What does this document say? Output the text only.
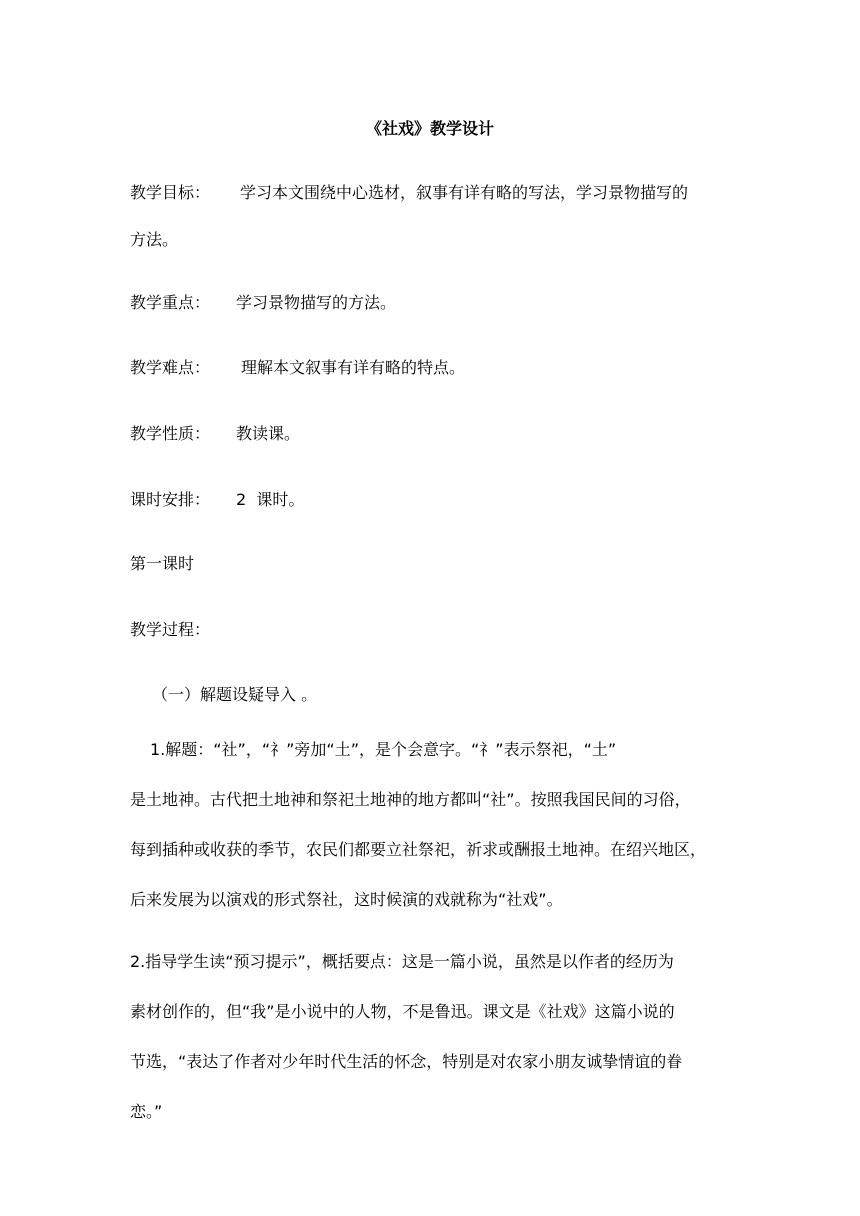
《社戏》教学设计
教学目标： 学习本文围绕中心选材，叙事有详有略的写法，学习景物描写的
方法。
教学重点： 学习景物描写的方法。
教学难点： 理解本文叙事有详有略的特点。
教学性质： 教读课。
课时安排： 2  课时。
第一课时
教学过程：
（一）解题设疑导入 。

1.解题：“社”，“礻”旁加“土”，是个会意字。“礻”表示祭祀，“土”

是土地神。古代把土地神和祭祀土地神的地方都叫“社”。按照我国民间的习俗，

每到插种或收获的季节，农民们都要立社祭祀，祈求或酬报土地神。在绍兴地区，

后来发展为以演戏的形式祭社，这时候演的戏就称为“社戏”。

2.指导学生读“预习提示”，概括要点：这是一篇小说，虽然是以作者的经历为

素材创作的，但“我”是小说中的人物，不是鲁迅。课文是《社戏》这篇小说的

节选，“表达了作者对少年时代生活的怀念，特别是对农家小朋友诚挚情谊的眷

恋。”
